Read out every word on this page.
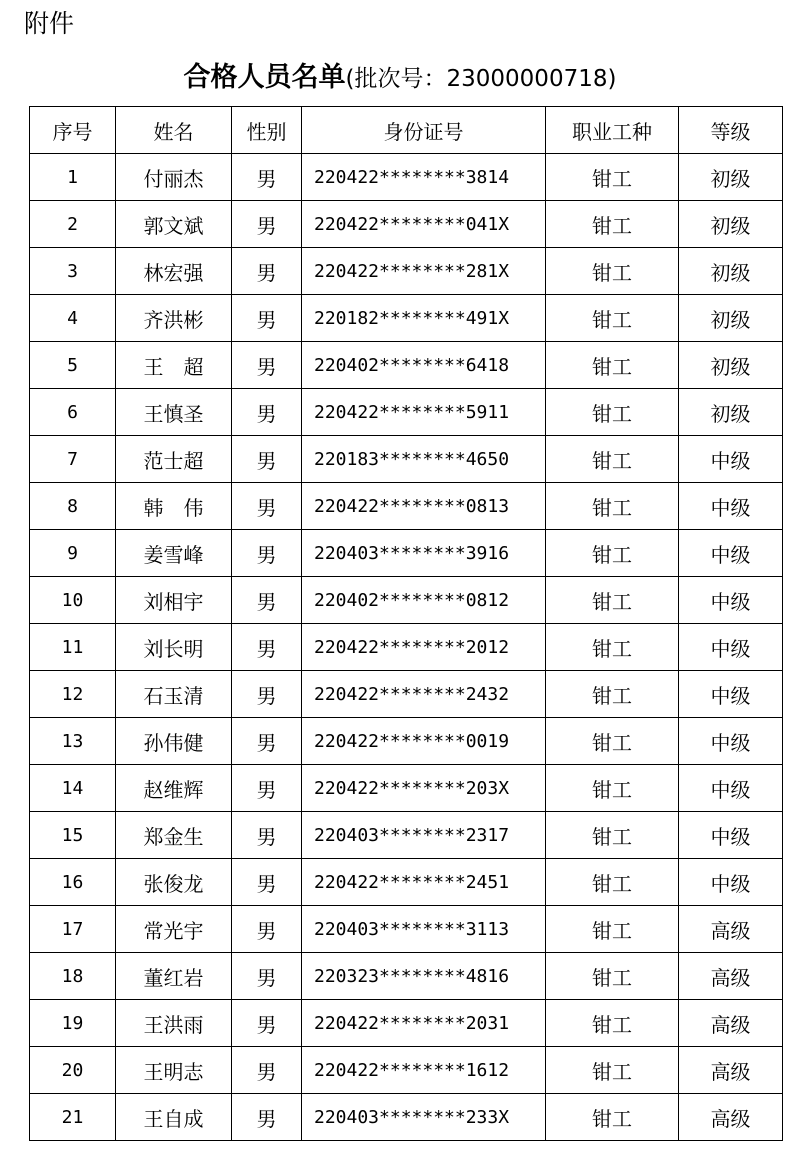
附件
合格人员名单(批次号：23000000718)
序号	姓名	性别	身份证号	职业工种	等级
1	付丽杰	男	220422********3814	钳工	初级
2	郭文斌	男	220422********041X	钳工	初级
3	林宏强	男	220422********281X	钳工	初级
4	齐洪彬	男	220182********491X	钳工	初级
5	王　超	男	220402********6418	钳工	初级
6	王慎圣	男	220422********5911	钳工	初级
7	范士超	男	220183********4650	钳工	中级
8	韩　伟	男	220422********0813	钳工	中级
9	姜雪峰	男	220403********3916	钳工	中级
10	刘相宇	男	220402********0812	钳工	中级
11	刘长明	男	220422********2012	钳工	中级
12	石玉清	男	220422********2432	钳工	中级
13	孙伟健	男	220422********0019	钳工	中级
14	赵维辉	男	220422********203X	钳工	中级
15	郑金生	男	220403********2317	钳工	中级
16	张俊龙	男	220422********2451	钳工	中级
17	常光宇	男	220403********3113	钳工	高级
18	董红岩	男	220323********4816	钳工	高级
19	王洪雨	男	220422********2031	钳工	高级
20	王明志	男	220422********1612	钳工	高级
21	王自成	男	220403********233X	钳工	高级
